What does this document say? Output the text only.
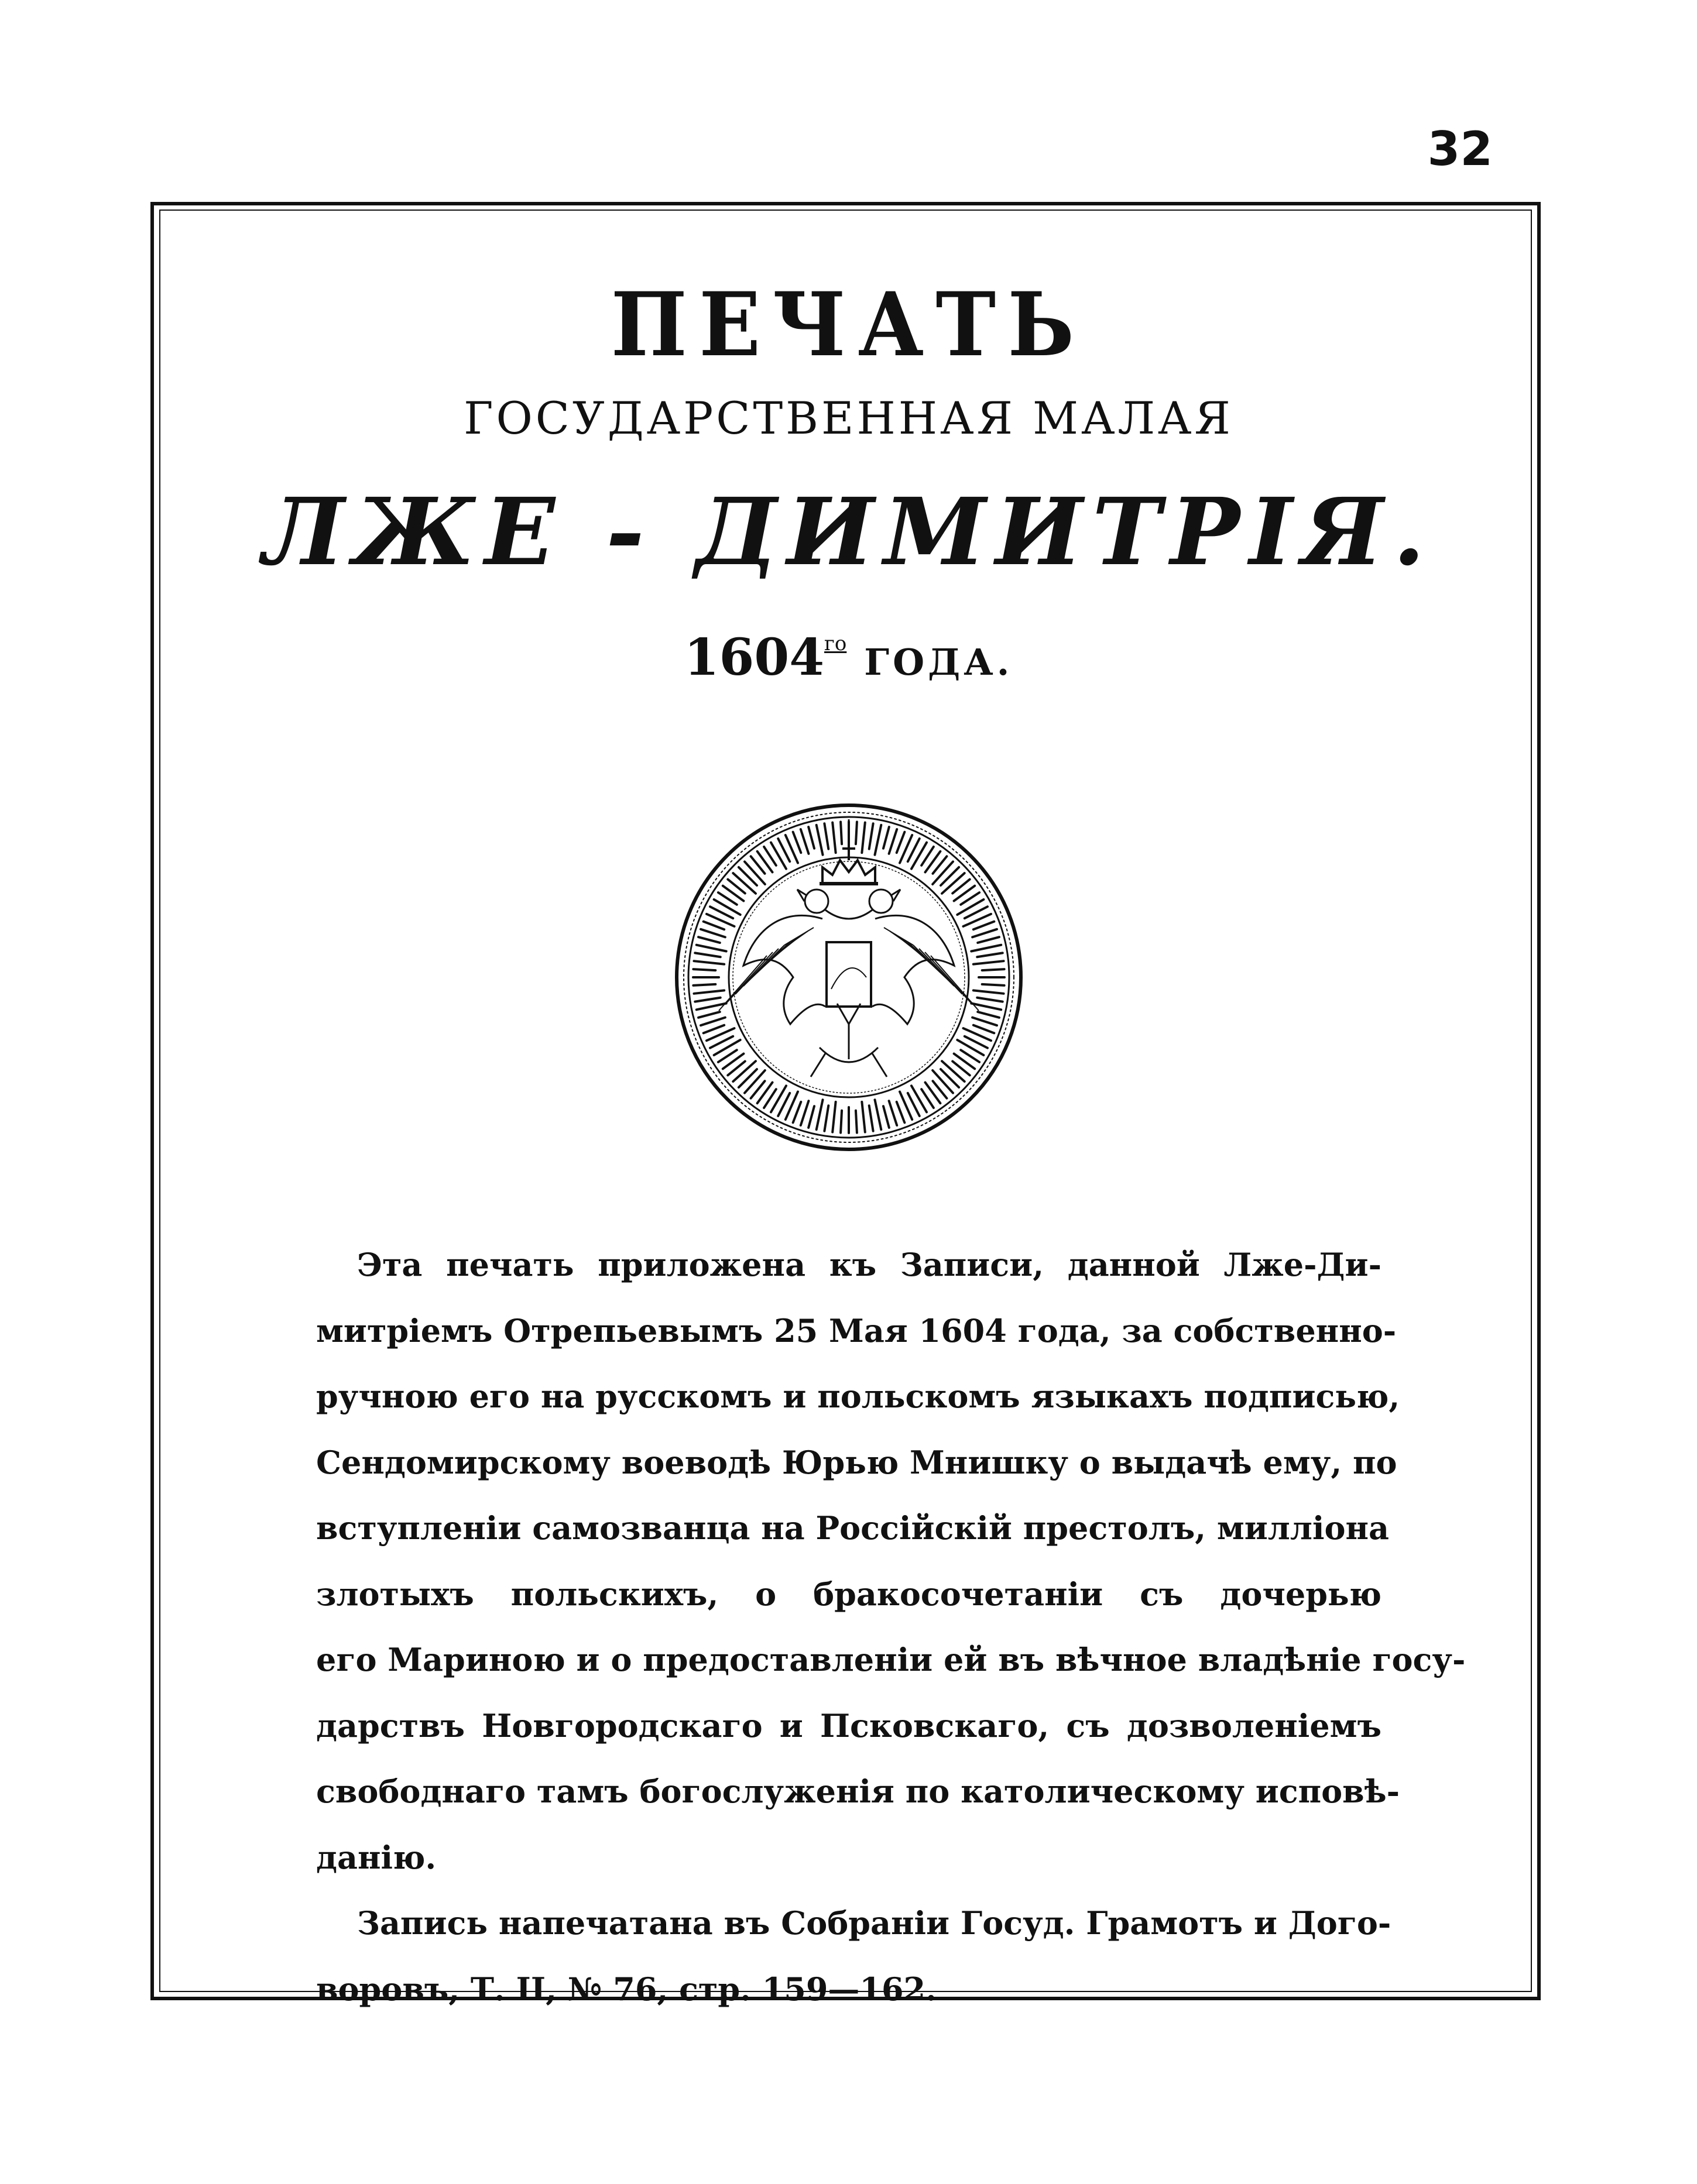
32
ПЕЧАТЬ
ГОСУДАРСТВЕННАЯ МАЛАЯ
ЛЖЕ - ДИМИТРІЯ.
$1604^{го}$ ГОДА.
Эта печать приложена къ Записи, данной Лже-Ди-
митріемъ Отрепьевымъ 25 Мая 1604 года, за собственно-
ручною его на русскомъ и польскомъ языкахъ подписью,
Сендомирскому воеводѣ Юрью Мнишку о выдачѣ ему, по
вступленіи самозванца на Россійскій престолъ, милліона
злотыхъ польскихъ, о бракосочетаніи съ дочерью
его Мариною и о предоставленіи ей въ вѣчное владѣніе госу-
дарствъ Новгородскаго и Псковскаго, съ дозволеніемъ
свободнаго тамъ богослуженія по католическому исповѣ-
данію.
Запись напечатана въ Собраніи Госуд. Грамотъ и Дого-
воровъ, Т. II, № 76, стр. 159—162.
